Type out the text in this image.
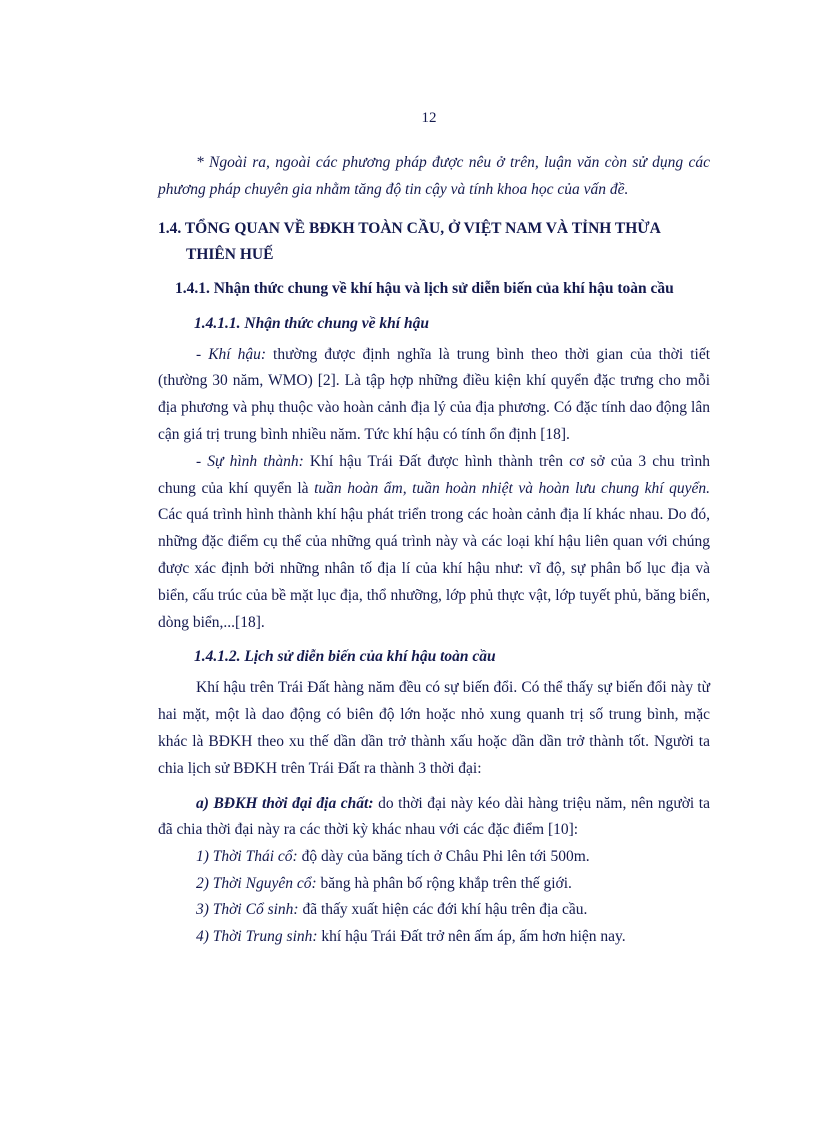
12

* Ngoài ra, ngoài các phương pháp được nêu ở trên, luận văn còn sử dụng các phương pháp chuyên gia nhằm tăng độ tin cậy và tính khoa học của vấn đề.

1.4. TỔNG QUAN VỀ BĐKH TOÀN CẦU, Ở VIỆT NAM VÀ TỈNH THỪA THIÊN HUẾ

1.4.1. Nhận thức chung về khí hậu và lịch sử diễn biến của khí hậu toàn cầu

1.4.1.1. Nhận thức chung về khí hậu

- Khí hậu: thường được định nghĩa là trung bình theo thời gian của thời tiết (thường 30 năm, WMO) [2]. Là tập hợp những điều kiện khí quyển đặc trưng cho mỗi địa phương và phụ thuộc vào hoàn cảnh địa lý của địa phương. Có đặc tính dao động lân cận giá trị trung bình nhiều năm. Tức khí hậu có tính ổn định [18].

- Sự hình thành: Khí hậu Trái Đất được hình thành trên cơ sở của 3 chu trình chung của khí quyển là tuần hoàn ẩm, tuần hoàn nhiệt và hoàn lưu chung khí quyển. Các quá trình hình thành khí hậu phát triển trong các hoàn cảnh địa lí khác nhau. Do đó, những đặc điểm cụ thể của những quá trình này và các loại khí hậu liên quan với chúng được xác định bởi những nhân tố địa lí của khí hậu như: vĩ độ, sự phân bố lục địa và biển, cấu trúc của bề mặt lục địa, thổ nhưỡng, lớp phủ thực vật, lớp tuyết phủ, băng biển, dòng biển,...[18].

1.4.1.2. Lịch sử diễn biến của khí hậu toàn cầu

Khí hậu trên Trái Đất hàng năm đều có sự biến đổi. Có thể thấy sự biến đổi này từ hai mặt, một là dao động có biên độ lớn hoặc nhỏ xung quanh trị số trung bình, mặc khác là BĐKH theo xu thế dần dần trở thành xấu hoặc dần dần trở thành tốt. Người ta chia lịch sử BĐKH trên Trái Đất ra thành 3 thời đại:

a) BĐKH thời đại địa chất: do thời đại này kéo dài hàng triệu năm, nên người ta đã chia thời đại này ra các thời kỳ khác nhau với các đặc điểm [10]:

1) Thời Thái cổ: độ dày của băng tích ở Châu Phi lên tới 500m.

2) Thời Nguyên cổ: băng hà phân bố rộng khắp trên thế giới.

3) Thời Cổ sinh: đã thấy xuất hiện các đới khí hậu trên địa cầu.

4) Thời Trung sinh: khí hậu Trái Đất trở nên ấm áp, ấm hơn hiện nay.
